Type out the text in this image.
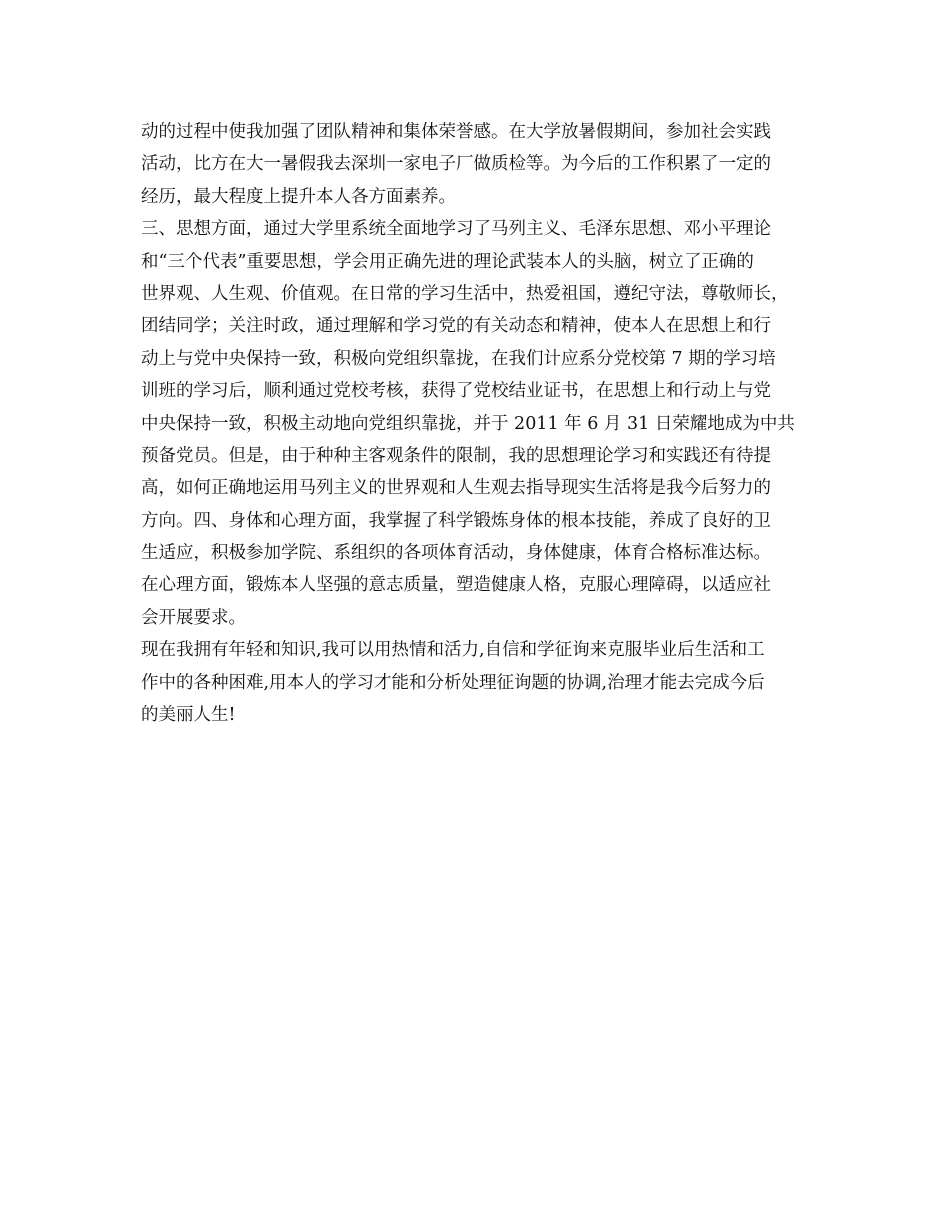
动的过程中使我加强了团队精神和集体荣誉感。在大学放暑假期间，参加社会实践
活动，比方在大一暑假我去深圳一家电子厂做质检等。为今后的工作积累了一定的
经历，最大程度上提升本人各方面素养。
三、思想方面，通过大学里系统全面地学习了马列主义、毛泽东思想、邓小平理论
和“三个代表”重要思想，学会用正确先进的理论武装本人的头脑，树立了正确的
世界观、人生观、价值观。在日常的学习生活中，热爱祖国，遵纪守法，尊敬师长，
团结同学；关注时政，通过理解和学习党的有关动态和精神，使本人在思想上和行
动上与党中央保持一致，积极向党组织靠拢，在我们计应系分党校第 7 期的学习培
训班的学习后，顺利通过党校考核，获得了党校结业证书，在思想上和行动上与党
中央保持一致，积极主动地向党组织靠拢，并于 2011 年 6 月 31 日荣耀地成为中共
预备党员。但是，由于种种主客观条件的限制，我的思想理论学习和实践还有待提
高，如何正确地运用马列主义的世界观和人生观去指导现实生活将是我今后努力的
方向。四、身体和心理方面，我掌握了科学锻炼身体的根本技能，养成了良好的卫
生适应，积极参加学院、系组织的各项体育活动，身体健康，体育合格标准达标。
在心理方面，锻炼本人坚强的意志质量，塑造健康人格，克服心理障碍，以适应社
会开展要求。
现在我拥有年轻和知识,我可以用热情和活力,自信和学征询来克服毕业后生活和工
作中的各种困难,用本人的学习才能和分析处理征询题的协调,治理才能去完成今后
的美丽人生!
